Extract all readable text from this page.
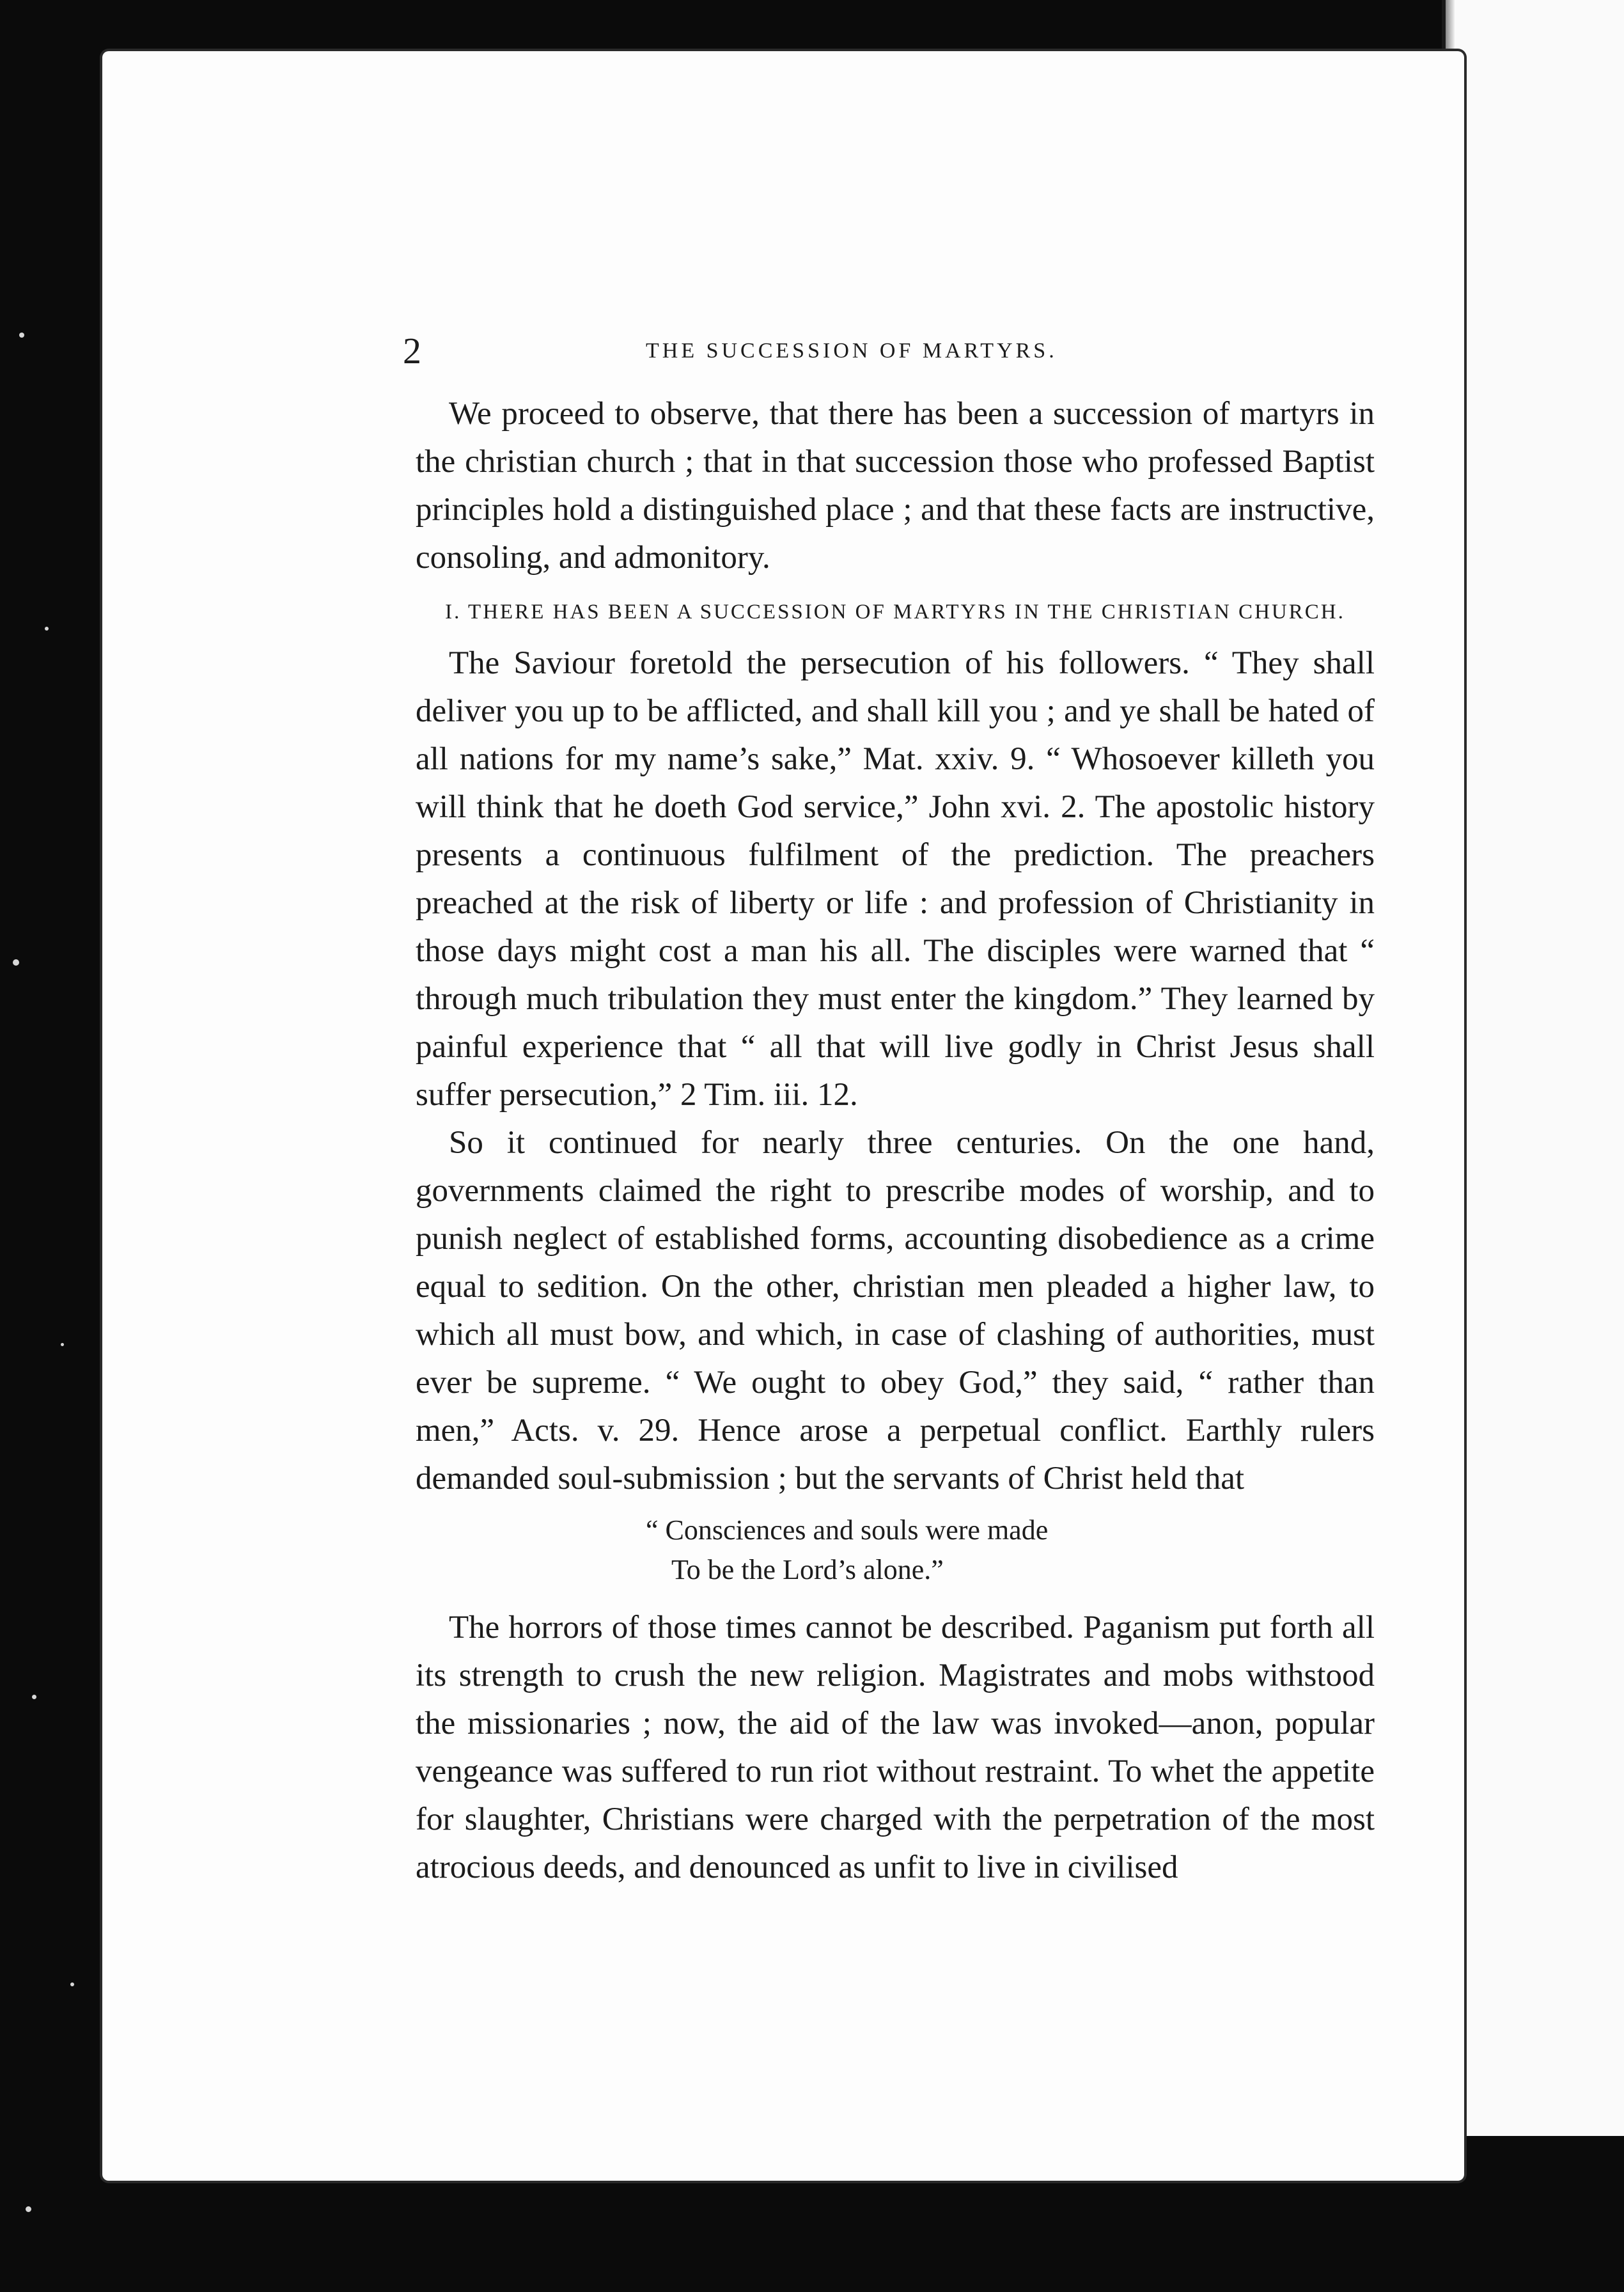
2	THE SUCCESSION OF MARTYRS.

We proceed to observe, that there has been a succession of martyrs in the christian church ; that in that succession those who professed Baptist principles hold a distinguished place ; and that these facts are instructive, consoling, and admonitory.

I. THERE HAS BEEN A SUCCESSION OF MARTYRS IN THE CHRISTIAN CHURCH.

The Saviour foretold the persecution of his followers. “ They shall deliver you up to be afflicted, and shall kill you ; and ye shall be hated of all nations for my name’s sake,” Mat. xxiv. 9. “ Whosoever killeth you will think that he doeth God service,” John xvi. 2. The apostolic history presents a continuous fulfilment of the prediction. The preachers preached at the risk of liberty or life : and profession of Christianity in those days might cost a man his all. The disciples were warned that “ through much tribulation they must enter the kingdom.” They learned by painful experience that “ all that will live godly in Christ Jesus shall suffer persecution,” 2 Tim. iii. 12.

So it continued for nearly three centuries. On the one hand, governments claimed the right to prescribe modes of worship, and to punish neglect of established forms, accounting disobedience as a crime equal to sedition. On the other, christian men pleaded a higher law, to which all must bow, and which, in case of clashing of authorities, must ever be supreme. “ We ought to obey God,” they said, “ rather than men,” Acts. v. 29. Hence arose a perpetual conflict. Earthly rulers demanded soul-submission ; but the servants of Christ held that

“ Consciences and souls were made
To be the Lord’s alone.”

The horrors of those times cannot be described. Paganism put forth all its strength to crush the new religion. Magistrates and mobs withstood the missionaries ; now, the aid of the law was invoked—anon, popular vengeance was suffered to run riot without restraint. To whet the appetite for slaughter, Christians were charged with the perpetration of the most atrocious deeds, and denounced as unfit to live in civilised
